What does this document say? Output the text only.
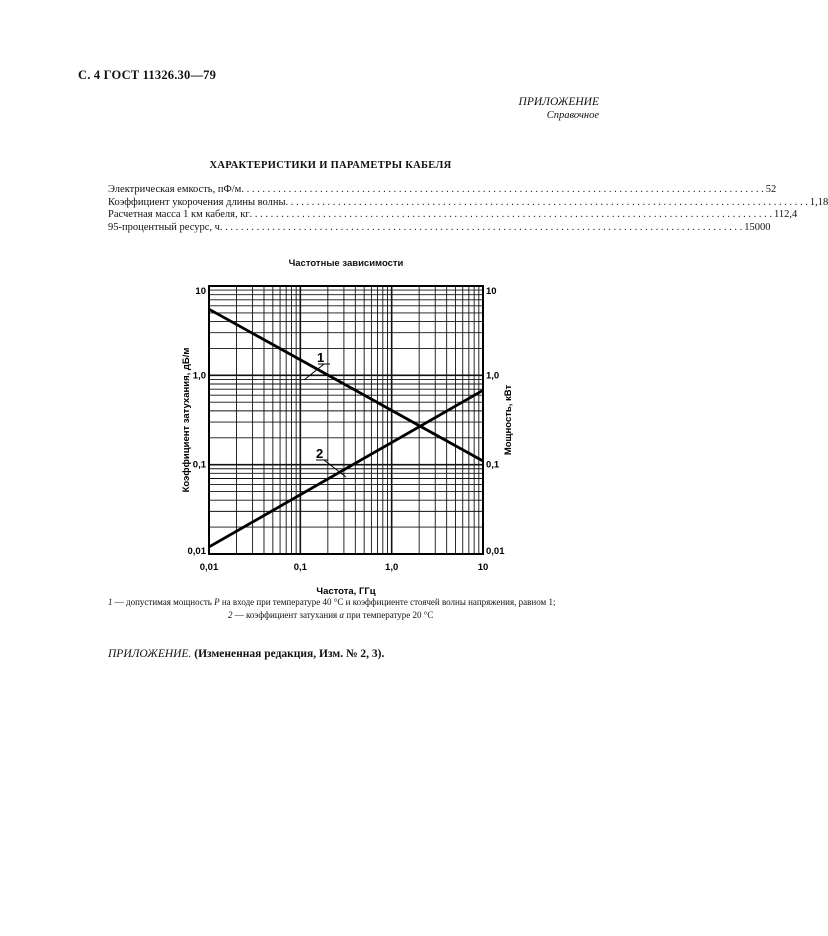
С. 4 ГОСТ 11326.30—79
ПРИЛОЖЕНИЕ
Справочное
ХАРАКТЕРИСТИКИ И ПАРАМЕТРЫ КАБЕЛЯ
Электрическая емкость, пФ/м . . .	52
Коэффициент укорочения длины волны . . .	1,18
Расчетная масса 1 км кабеля, кг . . .	112,4
95-процентный ресурс, ч . . .	15000
Частотные зависимости
0,01	0,1	1,0	10
0,01
0,1
1,0
10
0,01
0,1
1,0
10
Частота, ГГц
Коэффициент затухания, дБ/м	Мощность, кВт
1
2
1 — допустимая мощность P на входе при температуре 40 °С и коэффициенте стоячей волны напряжения, равном 1;
2 — коэффициент затухания α при температуре 20 °С
ПРИЛОЖЕНИЕ. (Измененная редакция, Изм. № 2, 3).
